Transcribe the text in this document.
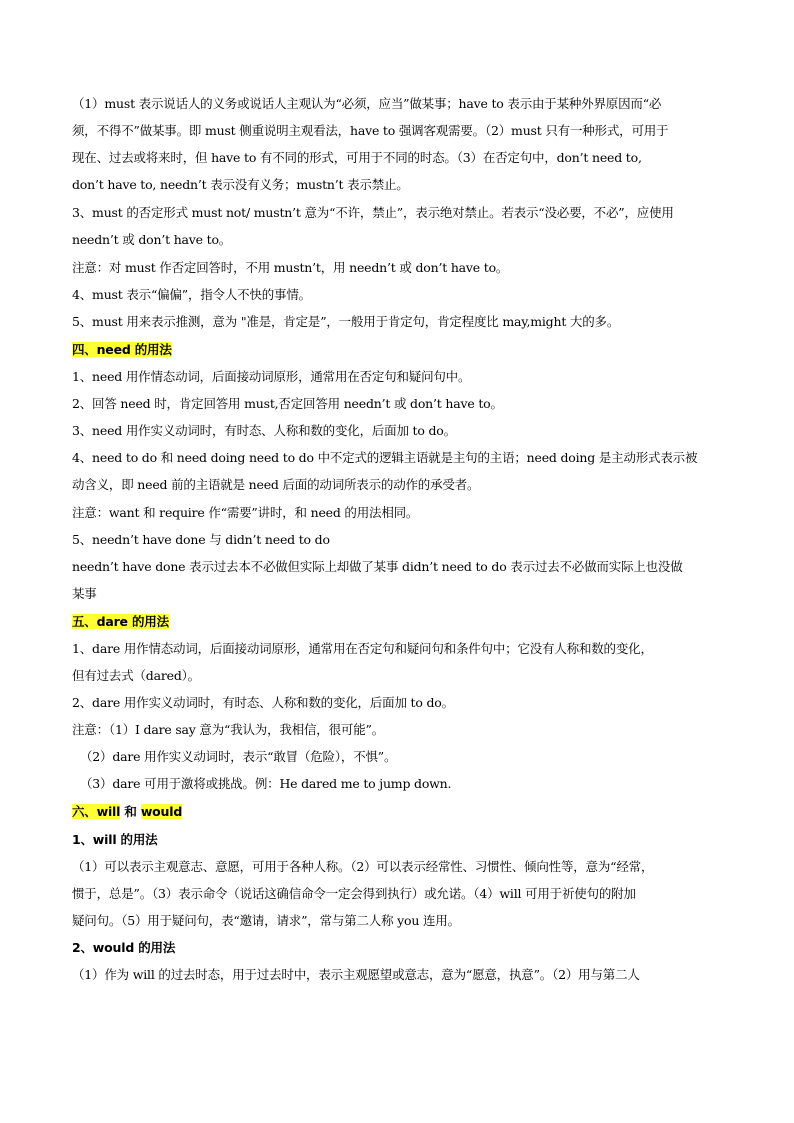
（1）must 表示说话人的义务或说话人主观认为“必须，应当”做某事；have to 表示由于某种外界原因而“必
须，不得不”做某事。即 must 侧重说明主观看法，have to 强调客观需要。（2）must 只有一种形式，可用于
现在、过去或将来时，但 have to 有不同的形式，可用于不同的时态。（3）在否定句中，don’t need to,
don’t have to, needn’t 表示没有义务；mustn’t 表示禁止。
3、must 的否定形式 must not/ mustn’t 意为“不许，禁止”，表示绝对禁止。若表示“没必要，不必”，应使用
needn’t 或 don’t have to。
注意：对 must 作否定回答时，不用 mustn’t，用 needn’t 或 don’t have to。
4、must 表示“偏偏”，指令人不快的事情。
5、must 用来表示推测，意为 "准是，肯定是”，一般用于肯定句，肯定程度比 may,might 大的多。
四、need 的用法
1、need 用作情态动词，后面接动词原形，通常用在否定句和疑问句中。
2、回答 need 时，肯定回答用 must,否定回答用 needn’t 或 don’t have to。
3、need 用作实义动词时，有时态、人称和数的变化，后面加 to do。
4、need to do 和 need doing need to do 中不定式的逻辑主语就是主句的主语；need doing 是主动形式表示被
动含义，即 need 前的主语就是 need 后面的动词所表示的动作的承受者。
注意：want 和 require 作“需要”讲时，和 need 的用法相同。
5、needn’t have done 与 didn’t need to do
needn’t have done 表示过去本不必做但实际上却做了某事 didn’t need to do 表示过去不必做而实际上也没做
某事
五、dare 的用法
1、dare 用作情态动词，后面接动词原形，通常用在否定句和疑问句和条件句中；它没有人称和数的变化，
但有过去式（dared）。
2、dare 用作实义动词时，有时态、人称和数的变化，后面加 to do。
注意：（1）I dare say 意为“我认为，我相信，很可能”。
（2）dare 用作实义动词时，表示“敢冒（危险），不惧”。
（3）dare 可用于激将或挑战。例：He dared me to jump down.
六、will 和 would
1、will 的用法
（1）可以表示主观意志、意愿，可用于各种人称。（2）可以表示经常性、习惯性、倾向性等，意为“经常，
惯于，总是”。（3）表示命令（说话这确信命令一定会得到执行）或允诺。（4）will 可用于祈使句的附加
疑问句。（5）用于疑问句，表“邀请，请求”，常与第二人称 you 连用。
2、would 的用法
（1）作为 will 的过去时态，用于过去时中，表示主观愿望或意志，意为“愿意，执意”。（2）用与第二人
